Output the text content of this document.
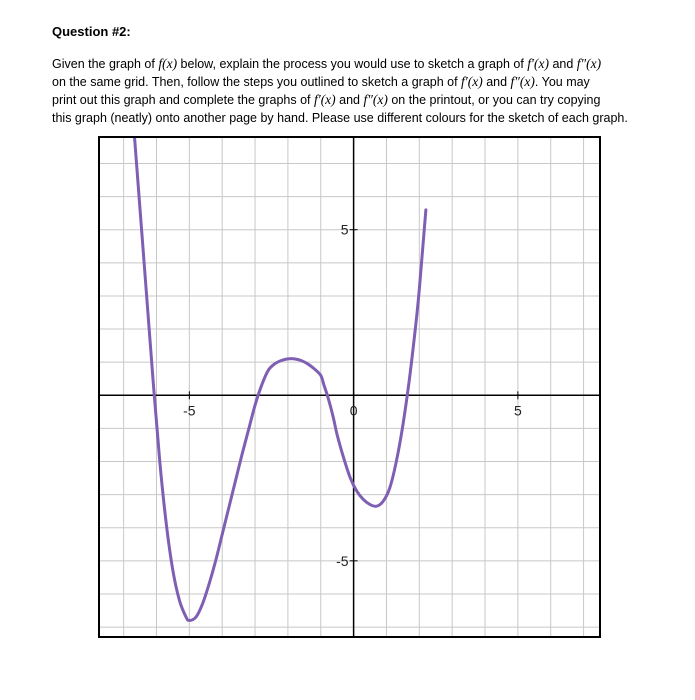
Question #2:

Given the graph of f(x) below, explain the process you would use to sketch a graph of f′(x) and f″(x)

on the same grid. Then, follow the steps you outlined to sketch a graph of f′(x) and f″(x). You may

print out this graph and complete the graphs of f′(x) and f″(x) on the printout, or you can try copying

this graph (neatly) onto another page by hand. Please use different colours for the sketch of each graph.

-5	0	5
5
-5
